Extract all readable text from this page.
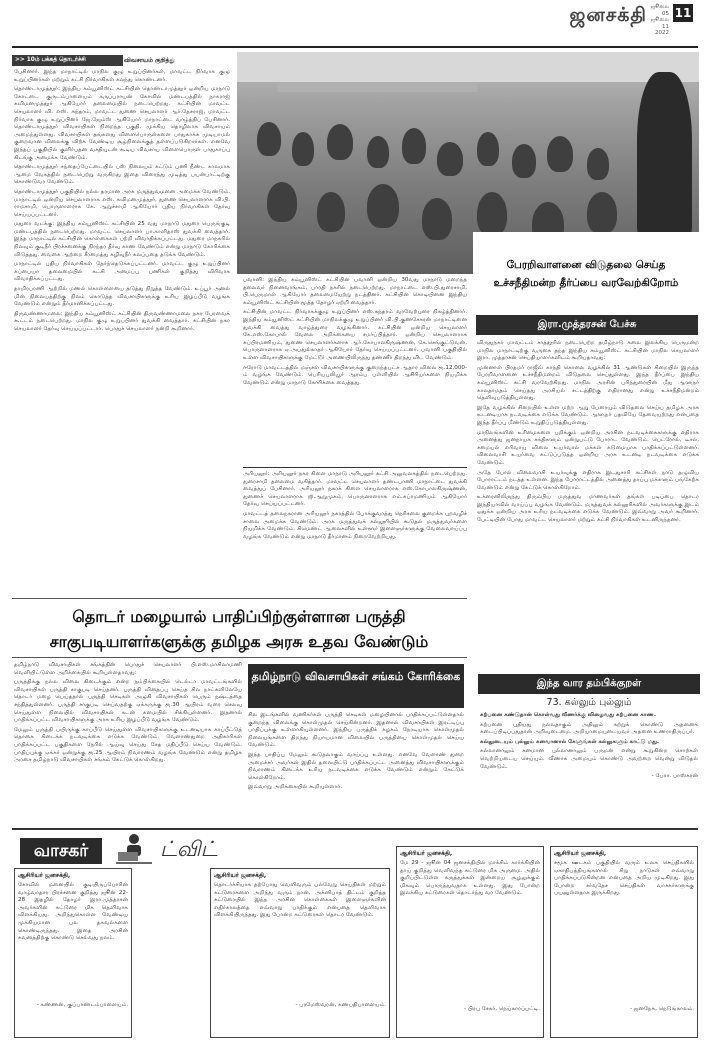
ஜனசக்தி ஜூலை 05
ஜூலை 11
2022
11
>> 10ம் பக்கத் தொடர்ச்சி	விவசாயம் குறித்து

பேசினார். இந்த மாநாட்டில் மாநில குழு உறுப்பினர்கள், மாவட்ட நிர்வாக குழு உறுப்பினர்கள் மற்றும் கட்சி நிர்வாகிகள் கலந்து கொண்டனர்.

தொண்டாமுத்தூர்: இந்திய கம்யூனிஸ்ட் கட்சியின் தொண்டாமுத்தூர் ஒன்றிய மாநாடு கோட்டை குருடம்பாளையம் கருப்பராயன் கோவில் மண்டபத்தில் நாகராஜ் கவிமனமுத்தூர் ஆகியோர் தலைமையில் நடைபெற்றது. கட்சியின் மாவட்ட செயலாளர் வி. எஸ். சுந்தரம், மாவட்ட துணை செயலாளர் ஆர்.தேசராஜ், மாவட்ட நிர்வாக குழு உறுப்பினர் ஜே.ஜேம்ஸ் ஆகியோர் மாநாட்டை வாழ்த்திப் பேசினார். தொண்டாமுத்தூர் விவசாயிகள் நிறைந்த பகுதி. முக்கிய தொழிலாக விவசாயம் அமைந்துள்ளது. விவசாயிகள் தங்களது விளைபொருள்களை பாதுகாக்க முடியாமல் குறைவான விலைக்கு விற்க வேண்டிய சூழ்நிலைக்குத் தள்ளப்படுகிறார்கள். எனவே இந்தப் பகுதியில் குளிர்பதன வசதியுடன் கூடிய விவசாய விளைபொருள் பாதுகாப்பு கிடங்கு அமைக்க வேண்டும்.

தொண்டாமுத்தூர் சந்தைப்பேட்டையில் பஸ் நிலையம் கட்டும் பணி நீண்ட காலமாக ஆமை வேகத்தில் நடைபெற்று வருகிறது இதை விரைந்து முடித்து பயன்பாட்டிற்கு கொண்டுவர வேண்டும்.

தொண்டாமுத்தூர் பகுதியில் நல்ல தரமான அரசு மருத்துவமனை அமைக்க வேண்டும். மாநாட்டில் ஒன்றிய செயலாளராக எஸ். கவிமனமுத்தூர், துணை செயலாளராக வி.பி. ராமசாமி, பொருளாளராக கே. ஆறுச்சாமி ஆகியோர் புதிய நிர்வாகிகள் தேர்வு செய்யப்பட்டனர்.

மதுரை வடக்கு: இந்திய கம்யூனிஸ்ட் கட்சியின் 25 வது மாநாடு மதுரை பெருங்குடி மண்டபத்தில் நடைபெற்றது. மாவட்ட செயலாளர் பா.காளிதாஸ் துவக்கி வைத்தார். இந்த மாநாட்டில் கட்சியின் கொள்கைகள் பற்றி விவாதிக்கப்பட்டது. மதுரை மாநகரில் நிலவும் குடிநீர் பிரச்சனைக்கு நிரந்தர தீர்வு காண வேண்டும் என்று மாநாடு கோரிக்கை விடுத்தது. வைகை ஆற்றை சீரமைத்து கழிவுநீர் கலப்பதை தடுக்க வேண்டும்.

மாநாட்டில் புதிய நிர்வாகிகள் தேர்ந்தெடுக்கப்பட்டனர். மாவட்ட குழு உறுப்பினர் சுப்பையா தலைமையில் கட்சி அமைப்பு பணிகள் குறித்து விரிவாக விவாதிக்கப்பட்டது.

தாமிரபரணி ஆற்றில் மணல் கொள்ளையை தடுத்து நிறுத்த வேண்டும். உப்பூர் அனல் மின் நிலையத்திற்கு நிலம் கொடுத்த விவசாயிகளுக்கு உரிய இழப்பீடு வழங்க வேண்டும் என்றும் தீர்மானிக்கப்பட்டது.

திருவண்ணாமலை: இந்திய கம்யூனிஸ்ட் கட்சியின் திருவண்ணாமலை நகர பேரவைக் கூட்டம் நடைபெற்றது. மாநில குழு உறுப்பினர் துவக்கி வைத்தார். கட்சியின் நகர செயலாளர் தேர்வு செய்யப்பட்டார். பொதுச் செயலாளர் நன்றி கூறினார்.

பவானி: இந்திய கம்யூனிஸ்ட் கட்சியின் பவானி ஒன்றிய 30வது மாநாடு மறைந்த தலைவர் நினைவரங்கம், பாரதி நகரில் நடைபெற்றது. மாநாட்டை எஸ்.பி.துரைசாமி, பி.பெருமாள் ஆகியோர் தலைமையேற்று நடத்தினர். கட்சியின் கொடியினை இந்திய கம்யூனிஸ்ட் கட்சியின் மூத்த தோழர் ஏற்றி வைத்தார்.

கட்சியின் மாவட்ட நிர்வாகக்குழு உறுப்பினர் எஸ்.சுந்தரம் வரவேற்புரை நிகழ்த்தினார். இந்திய கம்யூனிஸ்ட் கட்சியின் மாநிலக்குழு உறுப்பினர் வி.பி.குணசேகரன் மாநாட்டினை துவக்கி வைத்து வாழ்த்துரை வழங்கினார். கட்சியின் ஒன்றிய செயலாளர் கே.எஸ்.கோபால் வேலை அறிக்கையை சமர்ப்பித்தார். ஒன்றிய செயலாளராக சுப்பிரமணியம், துணை செயலாளர்களாக ஆர்.கோபாலகிருஷ்ணன், கே.செங்குட்டுவன், பொருளாளராக ஏ.அப்துல்காதர் ஆகியோர் தேர்வு செய்யப்பட்டனர். பவானி பகுதியில் உள்ள விவசாயிகளுக்கு மேட்டூர் அணையிலிருந்து தண்ணீர் திறந்து விட வேண்டும்.

ஈரோடு மாவட்டத்தில் மஞ்சள் விவசாயிகளுக்கு குறைந்தபட்ச ஆதார விலை ரூ.12,000-ம் வழங்க வேண்டும். பெரியபுலியூர் ஆரம்ப பள்ளியில் ஆசிரியர்களை நியமிக்க வேண்டும் என்று மாநாடு கோரிக்கை வைத்தது.

அரியலூர்: அரியலூர் நகர கிளை மாநாடு அரியலூர் கட்சி அலுவலகத்தில் நடைபெற்றது. துரைசாமி தலைமை வகித்தார். மாவட்ட செயலாளர் தண்டபாணி மாநாட்டை துவக்கி வைத்துப் பேசினார். அரியலூர் நகரக் கிளை செயலாளராக எஸ்.கோபாலகிருஷ்ணன், துணைச் செயலாளராக ஜி.ஆறுமுகம், பொருளாளராக எம்.சுப்ரமணியம் ஆகியோர் தேர்வு செய்யப்பட்டனர்.

மாவட்டத் தலைநகரான அரியலூர் நகரத்தில் போக்குவரத்து நெரிசலை குறைக்க புறவழிச் சாலை அமைக்க வேண்டும். அரசு மருத்துவக் கல்லூரியில் கூடுதல் மருத்துவர்களை நியமிக்க வேண்டும். சிமெண்ட் ஆலைகளில் உள்ளூர் இளைஞர்களுக்கு வேலைவாய்ப்பு வழங்க வேண்டும் என்று மாநாடு தீர்மானம் நிறைவேற்றியது.

பேரறிவாளனை விடுதலை செய்த உச்சநீதிமன்ற தீர்ப்பை வரவேற்கிறோம்
இரா.முத்தரசன் பேச்சு

விருதுநகர் மாவட்டம் சாத்தூரில் நடைபெற்ற தமிழ்நாடு கலை இலக்கிய பெருமன்ற மாநில மாநாட்டிற்கு வருகை தந்த இந்திய கம்யூனிஸ்ட் கட்சியின் மாநில செயலாளர் இரா. முத்தரசன் செய்தியாளர்களிடம் கூறியதாவது:

முன்னாள் பிரதமர் ராஜீவ் காந்தி கொலை வழக்கில் 31 ஆண்டுகள் சிறையில் இருந்த பேரறிவாளனை உச்சநீதிமன்றம் விடுதலை செய்துள்ளது. இந்த தீர்ப்பை இந்திய கம்யூனிஸ்ட் கட்சி வரவேற்கிறது. மாநில அரசின் பரிந்துரையின் மீது ஆளுநர் காலதாமதம் செய்தது அரசியல் சட்டத்திற்கு எதிரானது என்று உச்சநீதிமன்றம் தெளிவுபடுத்தியுள்ளது.

இதே வழக்கில் சிறையில் உள்ள மற்ற ஆறு பேரையும் விடுதலை செய்ய தமிழக அரசு உடனடியாக நடவடிக்கை எடுக்க வேண்டும். ஆளுநர் பதவியே தேவையற்றது என்பதை இந்த தீர்ப்பு மீண்டும் உறுதிப்படுத்தியுள்ளது.

மாநிலங்களின் உரிமைகளை பறிக்கும் ஒன்றிய அரசின் நடவடிக்கைகளுக்கு எதிராக அனைத்து ஜனநாயக சக்திகளும் ஒன்றுபட்டு போராட வேண்டும். பெட்ரோல், டீசல், சமையல் எரிவாயு விலை உயர்வால் மக்கள் கடுமையாக பாதிக்கப்பட்டுள்ளனர். விலைவாசி உயர்வை கட்டுப்படுத்த ஒன்றிய அரசு உடனடி நடவடிக்கை எடுக்க வேண்டும்.

அதே போல் விலைவாசி உயர்வுக்கு எதிராக இடதுசாரி கட்சிகள் நாடு தழுவிய போராட்டம் நடத்த உள்ளன. இந்த போராட்டத்தில் அனைத்து தரப்பு மக்களும் பங்கேற்க வேண்டும் என்று கேட்டுக் கொள்கிறோம்.

உக்ரைனிலிருந்து திரும்பிய மருத்துவ மாணவர்கள் தங்கள் படிப்பை தொடர இந்தியாவில் வாய்ப்பு வழங்க வேண்டும். மருத்துவக் கல்லூரிகளில் அவர்களுக்கு இடம் ஒதுக்க ஒன்றிய அரசு உரிய நடவடிக்கை எடுக்க வேண்டும். இவ்வாறு அவர் கூறினார். பேட்டியின் போது மாவட்ட செயலாளர் மற்றும் கட்சி நிர்வாகிகள் உடனிருந்தனர்.

தொடர் மழையால் பாதிப்பிற்குள்ளான பருத்தி சாகுபடியாளர்களுக்கு தமிழக அரசு உதவ வேண்டும்

தமிழ்நாடு விவசாயிகள் சங்கத்தின் பொதுச் செயலாளர் பி.எஸ்.மாசிலாமணி வெளியிட்டுள்ள அறிக்கையில் கூறியுள்ளதாவது:

பருத்திக்கு நல்ல விலை கிடைக்கும் என்ற நம்பிக்கையில் டெல்டா மாவட்டங்களில் விவசாயிகள் பருத்தி சாகுபடி செய்தனர். பருத்தி விதைப்பு செய்த சில நாட்களிலேயே தொடர் மழை பெய்ததால் பருத்தி செடிகள் அழுகி விவசாயிகள் பெரும் நஷ்டத்தை சந்தித்துள்ளனர். பருத்தி சாகுபடி செய்வதற்கு ஏக்கருக்கு ரூ.30 ஆயிரம் வரை செலவு செய்துள்ள நிலையில் விவசாயிகள் கடன் சுமையில் சிக்கியுள்ளனர். இதனால் பாதிக்கப்பட்ட விவசாயிகளுக்கு அரசு உரிய இழப்பீடு வழங்க வேண்டும்.

மேலும் பருத்தி பயிருக்கு காப்பீடு செய்துள்ள விவசாயிகளுக்கு உடனடியாக காப்பீட்டுத் தொகை கிடைக்க நடவடிக்கை எடுக்க வேண்டும். வேளாண்துறை அதிகாரிகள் பாதிக்கப்பட்ட பகுதிகளை நேரில் ஆய்வு செய்து சேத மதிப்பீடு செய்ய வேண்டும். பாதிப்புக்கு ஏக்கர் ஒன்றுக்கு ரூ.25 ஆயிரம் நிவாரணம் வழங்க வேண்டும் என்று தமிழக அரசை தமிழ்நாடு விவசாயிகள் சங்கம் கேட்டுக் கொள்கிறது.

தமிழ்நாடு விவசாயிகள் சங்கம் கோரிக்கை

சில இடங்களில் வணிகர்கள் பருத்தி செடிகள் மழையினால் பாதிக்கப்பட்டுள்ளதால் குறைந்த விலைக்கு கொள்முதல் செய்கின்றனர். இதனால் விவசாயிகள் இரட்டிப்பு பாதிப்புக்கு உள்ளாகியுள்ளனர். இந்திய பருத்திக் கழகம் நேரடியாக கொள்முதல் நிலையங்களை திறந்து நியாயமான விலையில் பருத்தியை கொள்முதல் செய்ய வேண்டும்.

இந்த பாதிப்பு மேலும் கூடுதலாகும் வாய்ப்பு உள்ளது. எனவே வேளாண் துறை அமைச்சர் அவர்கள் இதில் தலையிட்டு பாதிக்கப்பட்ட அனைத்து விவசாயிகளுக்கும் நிவாரணம் கிடைக்க உரிய நடவடிக்கை எடுக்க வேண்டும் என்றும் கேட்டுக் கொள்கிறோம்.

இவ்வாறு அறிக்கையில் கூறியுள்ளார்.

இந்த வார தம்பிக்குறள்
73. கல்லும் புல்லும்

கற்பனை கண்டுதான் கொள்வது வீணர்க்கு விழைவது கற்பனை காண.

கற்பனை புதியது நல்லதாகும் அதிலும் கற்றுக் கொண்டு அதனைக் கடைப்பிடிப்பதுதான் அறிவுடைமை. அறியாமையுடையவர் அதனை உணராதிருப்பர்.

கல்லுடையும் புல்லும் கனவானால் கேளுங்கள் கல்லுகளும் காட்டு மது.

கல்லானாலும் கனமான புல்லானாலும் பருமன் என்று கூறுகின்ற சொற்கள் வெற்றியடைய செய்யும். வீணாக அமையும் கொண்டு அவற்றை வென்று விடுதல் வேண்டும்.

- பேரா. பாஸ்கரன்

வாசகர்	ட்விட்
ஆசிரியர் ஜனசக்தி,
கோவில் மனையில் குடியிருப்போரின் வாழ்வாதார பிரச்சனை குறித்து ஜூன் 22-28 இதழில் தோழர் இரா.முத்தரசன் அவர்களின் கட்டுரை மிக தெளிவாக விளக்கியது. அறிந்துகொள்ள வேண்டிய முக்கியமான பல தகவல்களை கொண்டிருந்தது. இதை அரசின் கவனத்திற்கு கொண்டு செல்வது நலம்.
- கண்ணன், குப்பாண்டம்பாளையம்.
ஆசிரியர் ஜனசக்தி,
தொடர்ச்சியாக தற்போது வெளிவரும் பல்வேறு செய்திகள் மற்றும் கட்டுரைகளை அறிந்து வரும் நான், அக்னிபாத் திட்டம் குறித்த கட்டுரையில் இந்த அரசின் கொள்கைகள் இளைஞர்களின் எதிர்காலத்தை எவ்வாறு பாதிக்கும் என்பதை தெளிவாக விளக்கியிருந்தது. இது போன்ற கட்டுரைகள் தொடர வேண்டும்.
- பரமேஸ்வரன், கணபதிபாளையம்.
ஆசிரியர் ஜனசக்தி,
மே 29 - ஜூன் 04 ஜனசக்தியில் மாக்சிம் கார்க்கியின் தாய் குறித்து வெளிவந்த கட்டுரை மிக அருமை. அதில் குறிப்பிட்டுள்ள கருத்துக்கள் இன்றைய சூழலுக்கும் மிகவும் பொருந்துவதாக உள்ளது. இது போன்ற இலக்கிய கட்டுரைகள் தொடர்ந்து வர வேண்டும்.
- பிரபு சேகர், நெய்காரப்பட்டி.
ஆசிரியர் ஜனசக்தி,
சமூக ஊடகம் பகுதியில் வரும் உலக செய்திகளில் ஏகாதிபத்தியங்களால் சிறு நாடுகள் எவ்வாறு பாதிக்கப்படுகின்றன என்பதை அறிய முடிகிறது. இது போன்ற சர்வதேச செய்திகள் வாசகர்களுக்கு பயனுள்ளதாக இருக்கிறது.
- ஜனநேசு, நெடுங்காலம்.
